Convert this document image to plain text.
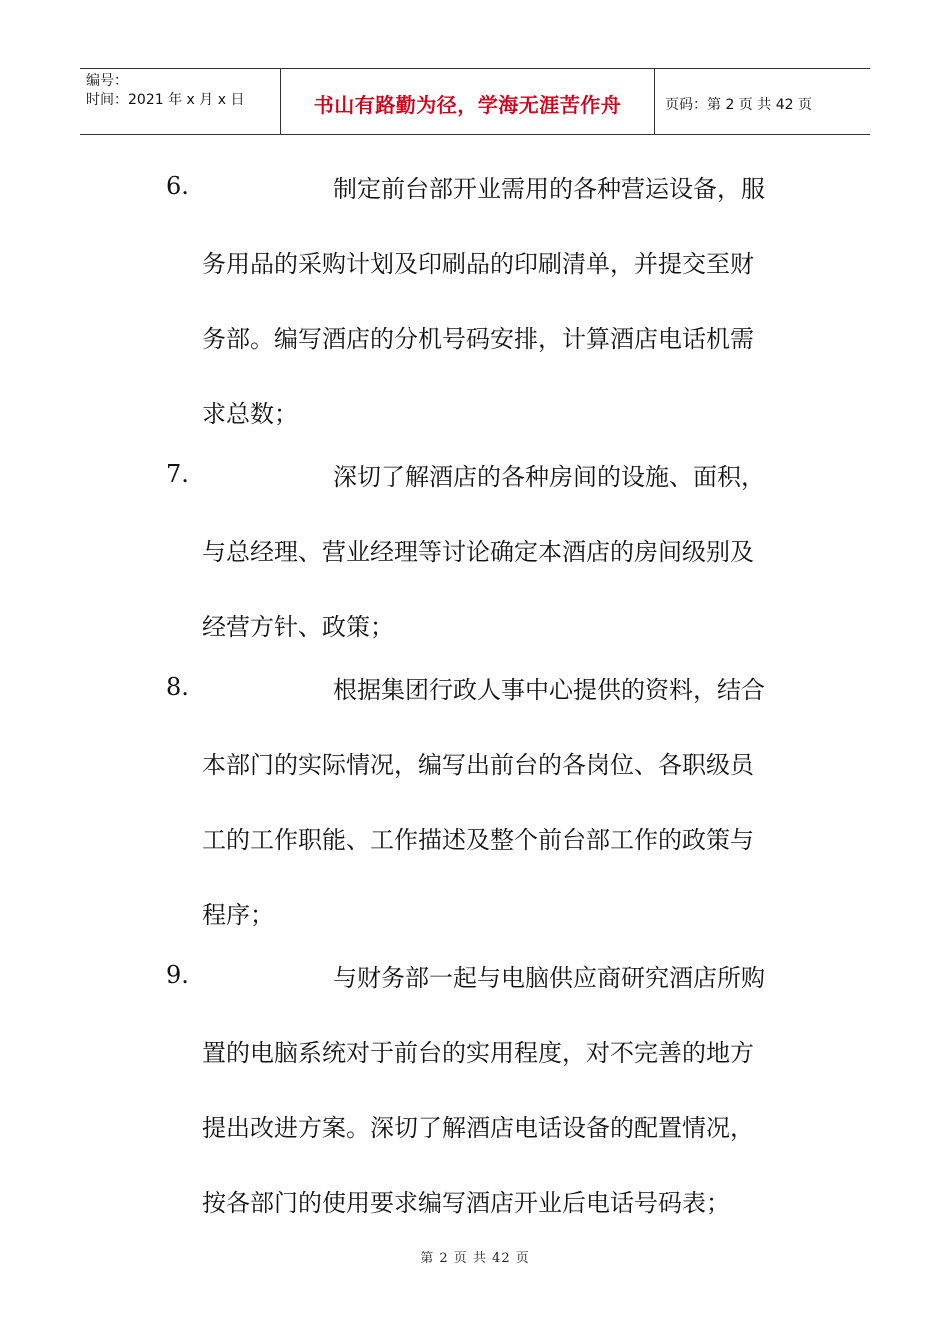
编号：
时间：2021 年 x 月 x 日	书山有路勤为径，学海无涯苦作舟	页码：第 2 页 共 42 页
6.	制定前台部开业需用的各种营运设备，服
务用品的采购计划及印刷品的印刷清单，并提交至财
务部。编写酒店的分机号码安排，计算酒店电话机需
求总数；
7.	深切了解酒店的各种房间的设施、面积，
与总经理、营业经理等讨论确定本酒店的房间级别及
经营方针、政策；
8.	根据集团行政人事中心提供的资料，结合
本部门的实际情况，编写出前台的各岗位、各职级员
工的工作职能、工作描述及整个前台部工作的政策与
程序；
9.	与财务部一起与电脑供应商研究酒店所购
置的电脑系统对于前台的实用程度，对不完善的地方
提出改进方案。深切了解酒店电话设备的配置情况，
按各部门的使用要求编写酒店开业后电话号码表；
第 2 页 共 42 页
